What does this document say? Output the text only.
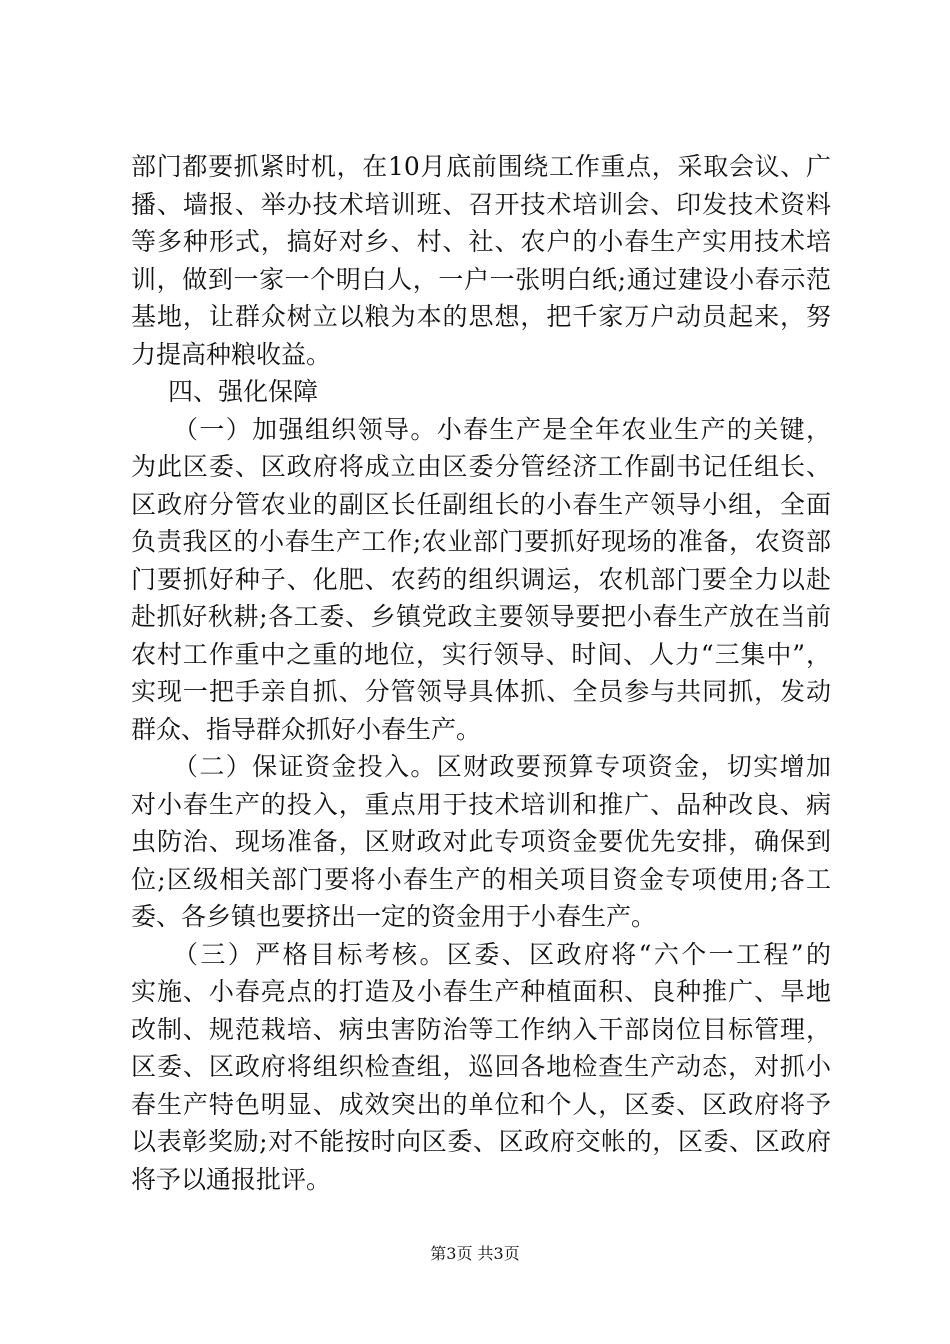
部门都要抓紧时机，在10月底前围绕工作重点，采取会议、广
播、墙报、举办技术培训班、召开技术培训会、印发技术资料
等多种形式，搞好对乡、村、社、农户的小春生产实用技术培
训，做到一家一个明白人，一户一张明白纸;通过建设小春示范
基地，让群众树立以粮为本的思想，把千家万户动员起来，努
力提高种粮收益。
四、强化保障
（一）加强组织领导。小春生产是全年农业生产的关键，
为此区委、区政府将成立由区委分管经济工作副书记任组长、
区政府分管农业的副区长任副组长的小春生产领导小组，全面
负责我区的小春生产工作;农业部门要抓好现场的准备，农资部
门要抓好种子、化肥、农药的组织调运，农机部门要全力以赴
赴抓好秋耕;各工委、乡镇党政主要领导要把小春生产放在当前
农村工作重中之重的地位，实行领导、时间、人力“三集中”，
实现一把手亲自抓、分管领导具体抓、全员参与共同抓，发动
群众、指导群众抓好小春生产。
（二）保证资金投入。区财政要预算专项资金，切实增加
对小春生产的投入，重点用于技术培训和推广、品种改良、病
虫防治、现场准备，区财政对此专项资金要优先安排，确保到
位;区级相关部门要将小春生产的相关项目资金专项使用;各工
委、各乡镇也要挤出一定的资金用于小春生产。
（三）严格目标考核。区委、区政府将“六个一工程”的
实施、小春亮点的打造及小春生产种植面积、良种推广、旱地
改制、规范栽培、病虫害防治等工作纳入干部岗位目标管理，
区委、区政府将组织检查组，巡回各地检查生产动态，对抓小
春生产特色明显、成效突出的单位和个人，区委、区政府将予
以表彰奖励;对不能按时向区委、区政府交帐的，区委、区政府
将予以通报批评。
第3页 共3页
